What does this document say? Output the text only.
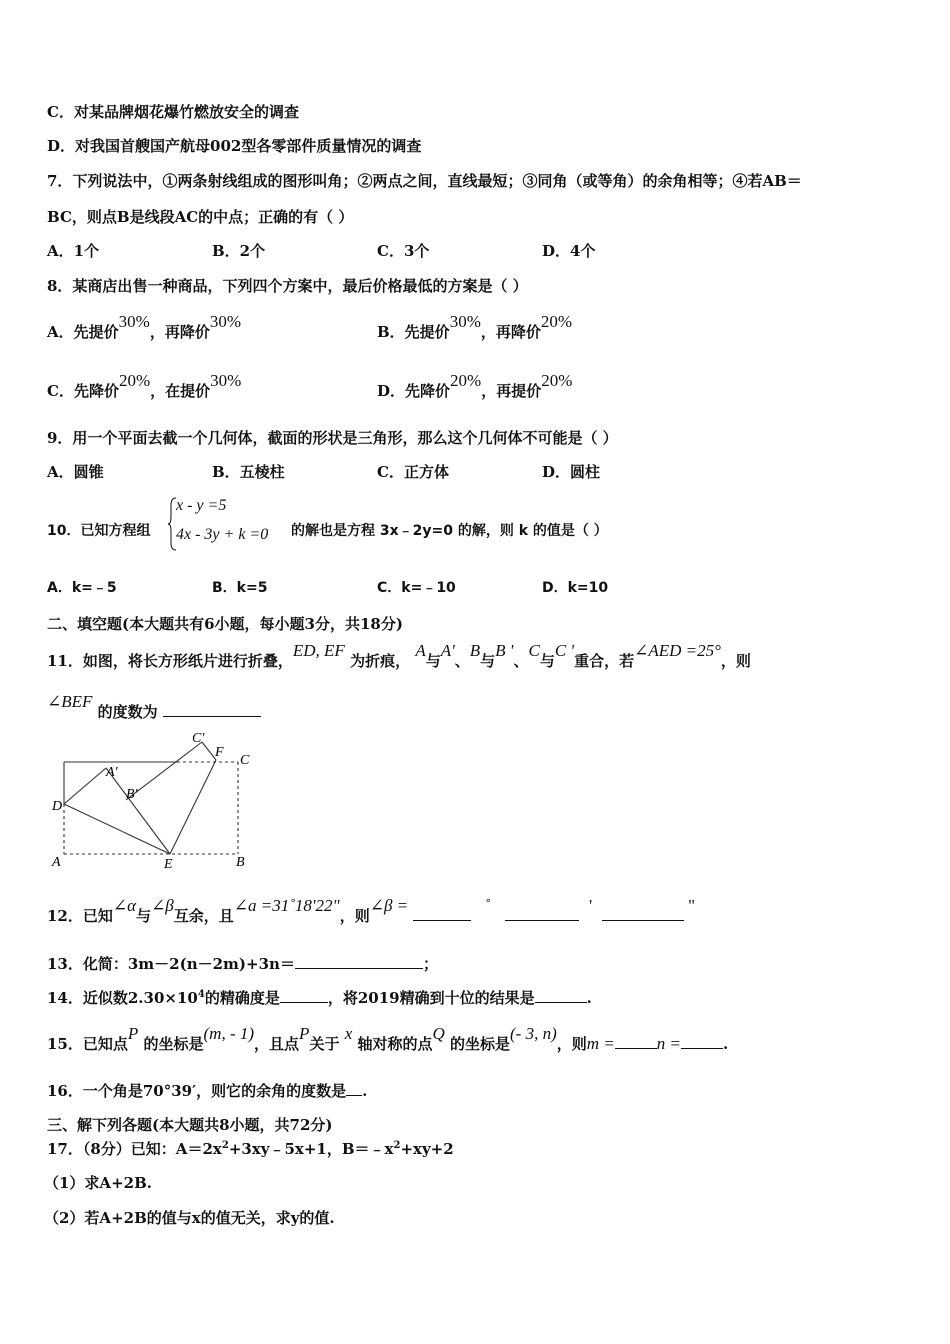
C．对某品牌烟花爆竹燃放安全的调查
D．对我国首艘国产航母002型各零部件质量情况的调查
7．下列说法中，①两条射线组成的图形叫角；②两点之间，直线最短；③同角（或等角）的余角相等；④若AB＝
BC，则点B是线段AC的中点；正确的有（ ）
A．1个	B．2个	C．3个	D．4个
8．某商店出售一种商品，下列四个方案中，最后价格最低的方案是（ ）
A．先提价30%，再降价30%
B．先提价30%，再降价20%
C．先降价20%，在提价30%
D．先降价20%，再提价20%
9．用一个平面去截一个几何体，截面的形状是三角形，那么这个几何体不可能是（ ）
A．圆锥	B．五棱柱	C．正方体	D．圆柱
10．已知方程组
x - y =5
4x - 3y + k =0 的解也是方程 3x﹣2y=0 的解，则 k 的值是（ ）
A．k=﹣5	B．k=5	C．k=﹣10	D．k=10
二、填空题(本大题共有6小题，每小题3分，共18分)
11．如图，将长方形纸片进行折叠，ED, EF 为折痕， A与A'、B与B '、C与C '重合，若∠AED =25°，则
∠BEF 的度数为
D
A	E	B
C
F
C'
A'
B'
12．已知∠α与∠β互余，且∠a =31˚18'22"，则∠β =	˚	'	"
13．化简：3m－2(n－2m)+3n＝	；
14．近似数$2.30\times 10^4$的精确度是	，将2019精确到十位的结果是	.
15．已知点P 的坐标是(m, - 1)，且点P关于 x 轴对称的点Q 的坐标是(- 3, n)，则m = n =	.
16．一个角是70°39′，则它的余角的度数是 .
三、解下列各题(本大题共8小题，共72分)
17．（8分）已知：$A=2x^2+3xy﹣5x+1$，$B=﹣x^2+xy+2$
（1）求A+2B.
（2）若A+2B的值与x的值无关，求y的值.
